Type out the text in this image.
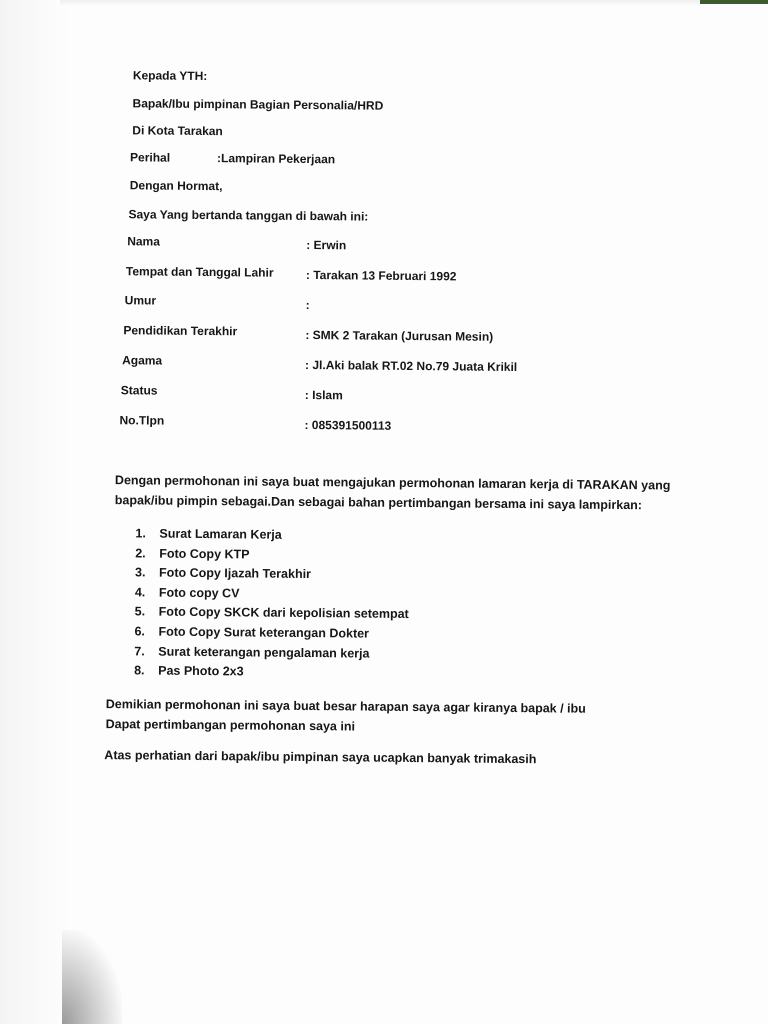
Kepada YTH:
Bapak/Ibu pimpinan Bagian Personalia/HRD
Di Kota Tarakan
Perihal	:Lampiran Pekerjaan
Dengan Hormat,
Saya Yang bertanda tanggan di bawah ini:
Nama	: Erwin
Tempat dan Tanggal Lahir	: Tarakan 13 Februari 1992
Umur	:
Pendidikan Terakhir	: SMK 2 Tarakan (Jurusan Mesin)
Agama	: Jl.Aki balak RT.02 No.79 Juata Krikil
Status	: Islam
No.Tlpn	: 085391500113
Dengan permohonan ini saya buat mengajukan permohonan lamaran kerja di TARAKAN yang
bapak/ibu pimpin sebagai.Dan sebagai bahan pertimbangan bersama ini saya lampirkan:
1. Surat Lamaran Kerja
2. Foto Copy KTP
3. Foto Copy Ijazah Terakhir
4. Foto copy CV
5. Foto Copy SKCK dari kepolisian setempat
6. Foto Copy Surat keterangan Dokter
7. Surat keterangan pengalaman kerja
8. Pas Photo 2x3
Demikian permohonan ini saya buat besar harapan saya agar kiranya bapak / ibu
Dapat pertimbangan permohonan saya ini
Atas perhatian dari bapak/ibu pimpinan saya ucapkan banyak trimakasih
